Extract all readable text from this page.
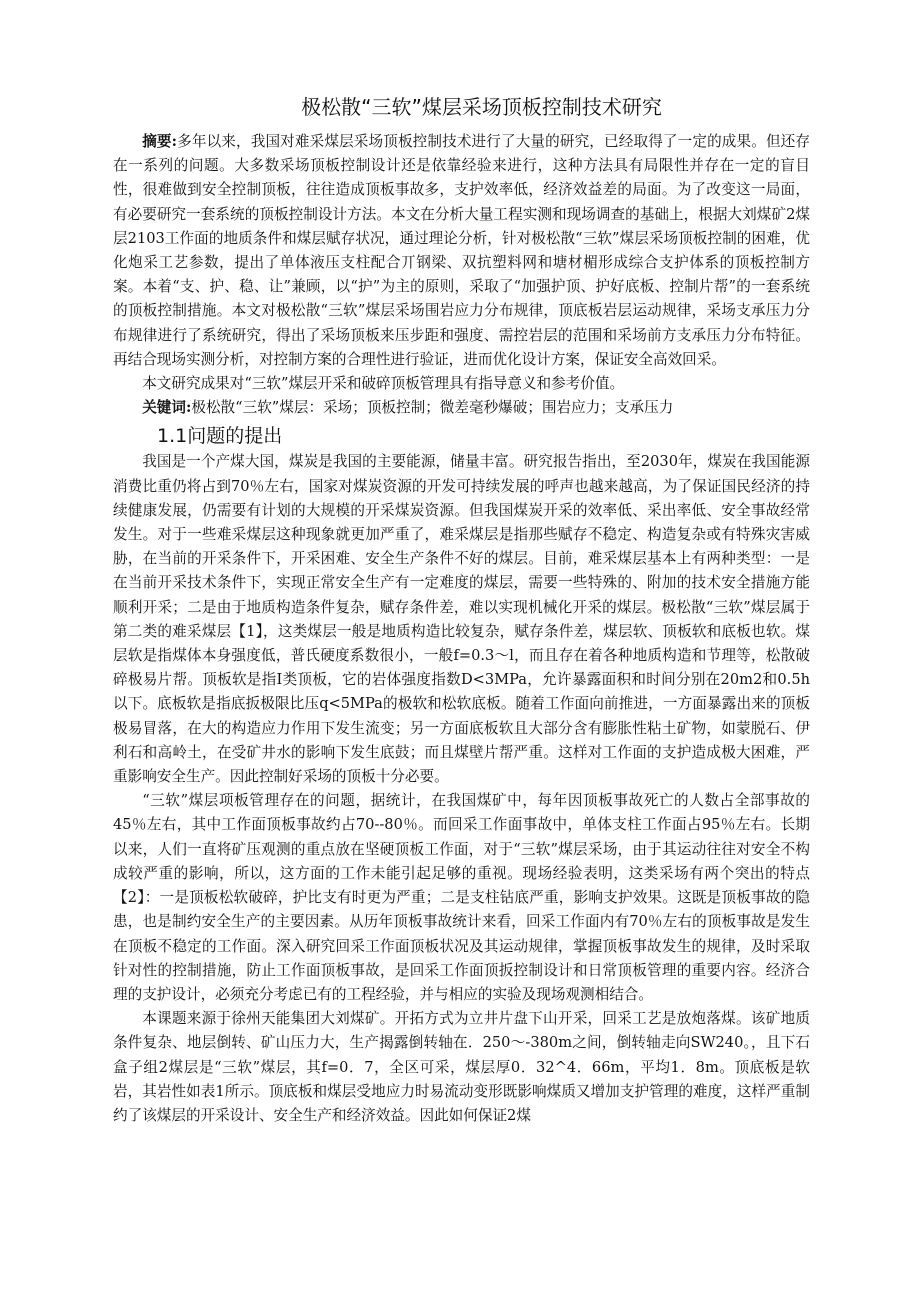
极松散“三软”煤层采场顶板控制技术研究

摘要:多年以来，我国对难采煤层采场顶板控制技术进行了大量的研究，已经取得了一定的成果。但还存在一系列的问题。大多数采场顶板控制设计还是依靠经验来进行，这种方法具有局限性并存在一定的盲目性，很难做到安全控制顶板，往往造成顶板事故多，支护效率低，经济效益差的局面。为了改变这一局面，有必要研究一套系统的顶板控制设计方法。本文在分析大量工程实测和现场调查的基础上，根据大刘煤矿2煤层2103工作面的地质条件和煤层赋存状况，通过理论分析，针对极松散“三软”煤层采场顶板控制的困难，优化炮采工艺参数，提出了单体液压支柱配合丌钢梁、双抗塑料网和塘材楣形成综合支护体系的顶板控制方案。本着“支、护、稳、让”兼顾，以“护”为主的原则，采取了“加强护顶、护好底板、控制片帮”的一套系统的顶板控制措施。本文对极松散“三软”煤层采场围岩应力分布规律，顶底板岩层运动规律，采场支承压力分布规律进行了系统研究，得出了采场顶板来压步距和强度、需控岩层的范围和采场前方支承压力分布特征。再结合现场实测分析，对控制方案的合理性进行验证，进而优化设计方案，保证安全高效回采。

本文研究成果对“三软”煤层开采和破碎顶板管理具有指导意义和参考价值。

关键词:极松散“三软”煤层：采场；顶板控制；微差毫秒爆破；围岩应力；支承压力

1.1问题的提出

我国是一个产煤大国，煤炭是我国的主要能源，储量丰富。研究报告指出，至2030年，煤炭在我国能源消费比重仍将占到70％左右，国家对煤炭资源的开发可持续发展的呼声也越来越高，为了保证国民经济的持续健康发展，仍需要有计划的大规模的开采煤炭资源。但我国煤炭开采的效率低、采出率低、安全事故经常发生。对于一些难采煤层这种现象就更加严重了，难采煤层是指那些赋存不稳定、构造复杂或有特殊灾害威胁，在当前的开采条件下，开采困难、安全生产条件不好的煤层。目前，难采煤层基本上有两种类型：一是在当前开采技术条件下，实现正常安全生产有一定难度的煤层，需要一些特殊的、附加的技术安全措施方能顺利开采；二是由于地质构造条件复杂，赋存条件差，难以实现机械化开采的煤层。极松散“三软”煤层属于第二类的难采煤层【1】，这类煤层一般是地质构造比较复杂，赋存条件差，煤层软、顶板软和底板也软。煤层软是指煤体本身强度低，普氏硬度系数很小，一般f=0.3～l，而且存在着各种地质构造和节理等，松散破碎极易片帮。顶板软是指Ⅰ类顶板，它的岩体强度指数D<3MPa，允许暴露面积和时间分别在20m2和0.5h以下。底板软是指底扳极限比压q<5MPa的极软和松软底板。随着工作面向前推进，一方面暴露出来的顶板极易冒落，在大的构造应力作用下发生流变；另一方面底板软且大部分含有膨胀性粘土矿物，如蒙脱石、伊利石和高岭土，在受矿井水的影响下发生底鼓；而且煤壁片帮严重。这样对工作面的支护造成极大困难，严重影响安全生产。因此控制好采场的顶板十分必要。

“三软”煤层项板管理存在的问题，据统计，在我国煤矿中，每年因顶板事故死亡的人数占全部事故的45％左右，其中工作面顶板事故约占70--80％。而回采工作面事故中，单体支柱工作面占95％左右。长期以来，人们一直将矿压观测的重点放在坚硬顶板工作面，对于“三软”煤层采场，由于其运动往往对安全不构成较严重的影响，所以，这方面的工作未能引起足够的重视。现场经验表明，这类采场有两个突出的特点【2】：一是顶板松软破碎，护比支有时更为严重；二是支柱钻底严重，影响支护效果。这既是顶板事故的隐患，也是制约安全生产的主要因素。从历年顶板事故统计来看，回采工作面内有70％左右的顶板事故是发生在顶板不稳定的工作面。深入研究回采工作面顶板状况及其运动规律，掌握顶板事故发生的规律，及时采取针对性的控制措施，防止工作面顶板事故，是回采工作面顶扳控制设计和日常顶板管理的重要内容。经济合理的支护设计，必须充分考虑已有的工程经验，并与相应的实验及现场观测相结合。

本课题来源于徐州天能集团大刘煤矿。开拓方式为立井片盘下山开采，回采工艺是放炮落煤。该矿地质条件复杂、地层倒转、矿山压力大，生产揭露倒转轴在．250～-380m之间，倒转轴走向SW240。，且下石盒子组2煤层是“三软”煤层，其f=0．7，全区可采，煤层厚0．32^4．66m，平均1．8m。顶底板是软岩，其岩性如表1所示。顶底板和煤层受地应力时易流动变形既影响煤质又增加支护管理的难度，这样严重制约了该煤层的开采设计、安全生产和经济效益。因此如何保证2煤
